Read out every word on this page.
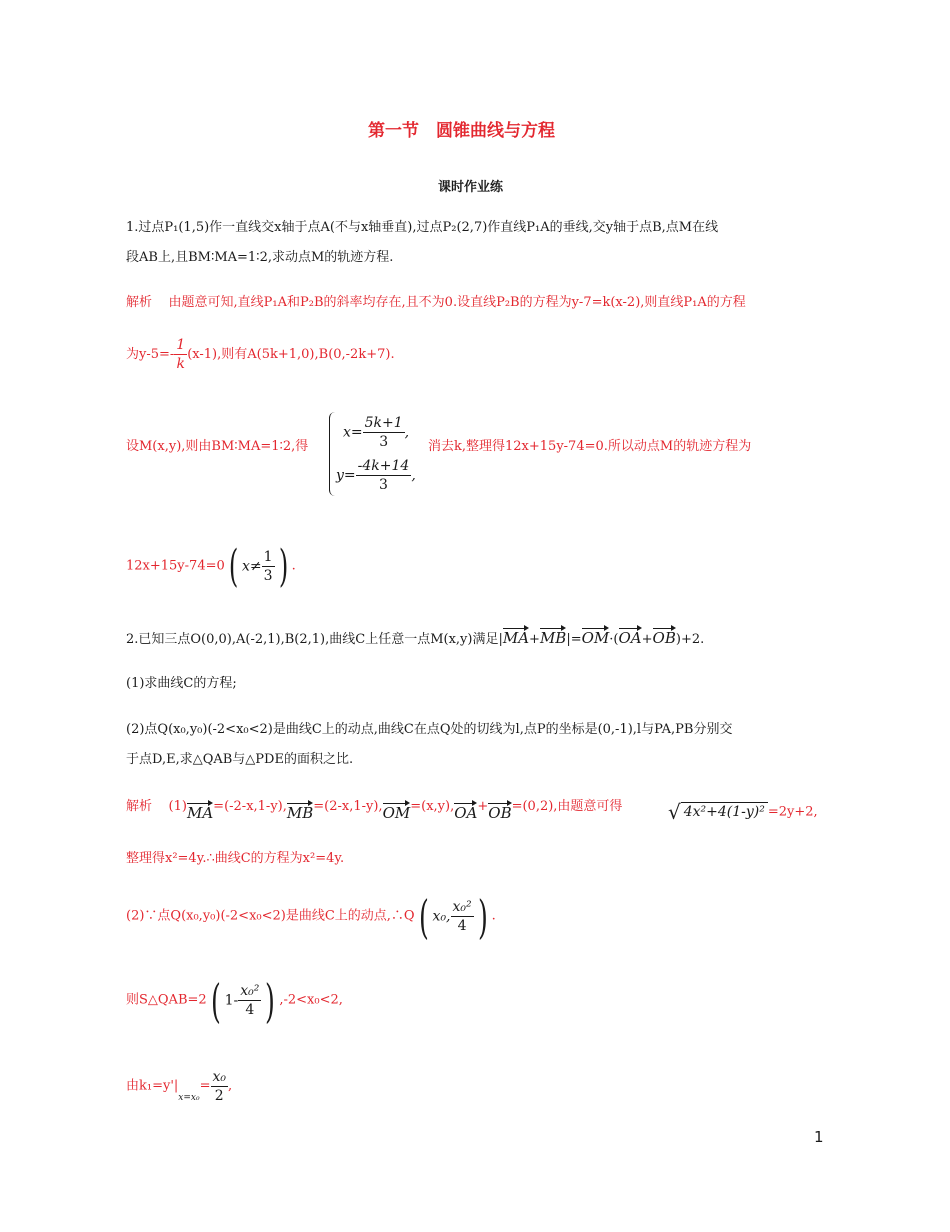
第一节　圆锥曲线与方程
课时作业练
1.过点P₁(1,5)作一直线交x轴于点A(不与x轴垂直),过点P₂(2,7)作直线P₁A的垂线,交y轴于点B,点M在线
段AB上,且BM∶MA=1∶2,求动点M的轨迹方程.
解析 由题意可知,直线P₁A和P₂B的斜率均存在,且不为0.设直线P₂B的方程为y-7=k(x-2),则直线P₁A的方程
为$y-5=- \frac{1}{k} (x-1)$,则有A(5k+1,0),B(0,-2k+7).
设M(x,y),则由BM∶MA=1∶2,得
$x= \frac{5k+1}{3}$ ,
$y= \frac{-4k+14}{3}$ ,
消去k,整理得12x+15y-74=0.所以动点M的轨迹方程为
12x+15y-74=0( $x\ne \frac{1}{3}$ ) .
2.已知三点O(0,0),A(-2,1),B(2,1),曲线C上任意一点M(x,y)满足|MA+MB|=OM·(OA+OB)+2.
(1)求曲线C的方程;
(2)点Q(x₀,y₀)(-2<x₀<2)是曲线C上的动点,曲线C在点Q处的切线为l,点P的坐标是(0,-1),l与PA,PB分别交
于点D,E,求△QAB与△PDE的面积之比.
解析 (1)MA=(-2-x,1-y),MB=(2-x,1-y),OM=(x,y),OA+OB=(0,2),由题意可得 √ 4x²+4(1-y)² =2y+2,
整理得x²=4y.∴曲线C的方程为x²=4y.
(2)∵点Q(x₀,y₀)(-2<x₀<2)是曲线C上的动点,∴Q( x₀, $\frac{\text{x₀²}}{4}$ ) .
则S△QAB=2( $1- \frac{\text{x₀²}}{4}$ ) ,-2<x₀<2,
由$k_1=y'|_{x=x_0}= \frac{\text{x₀}}{2}$ ,
1
